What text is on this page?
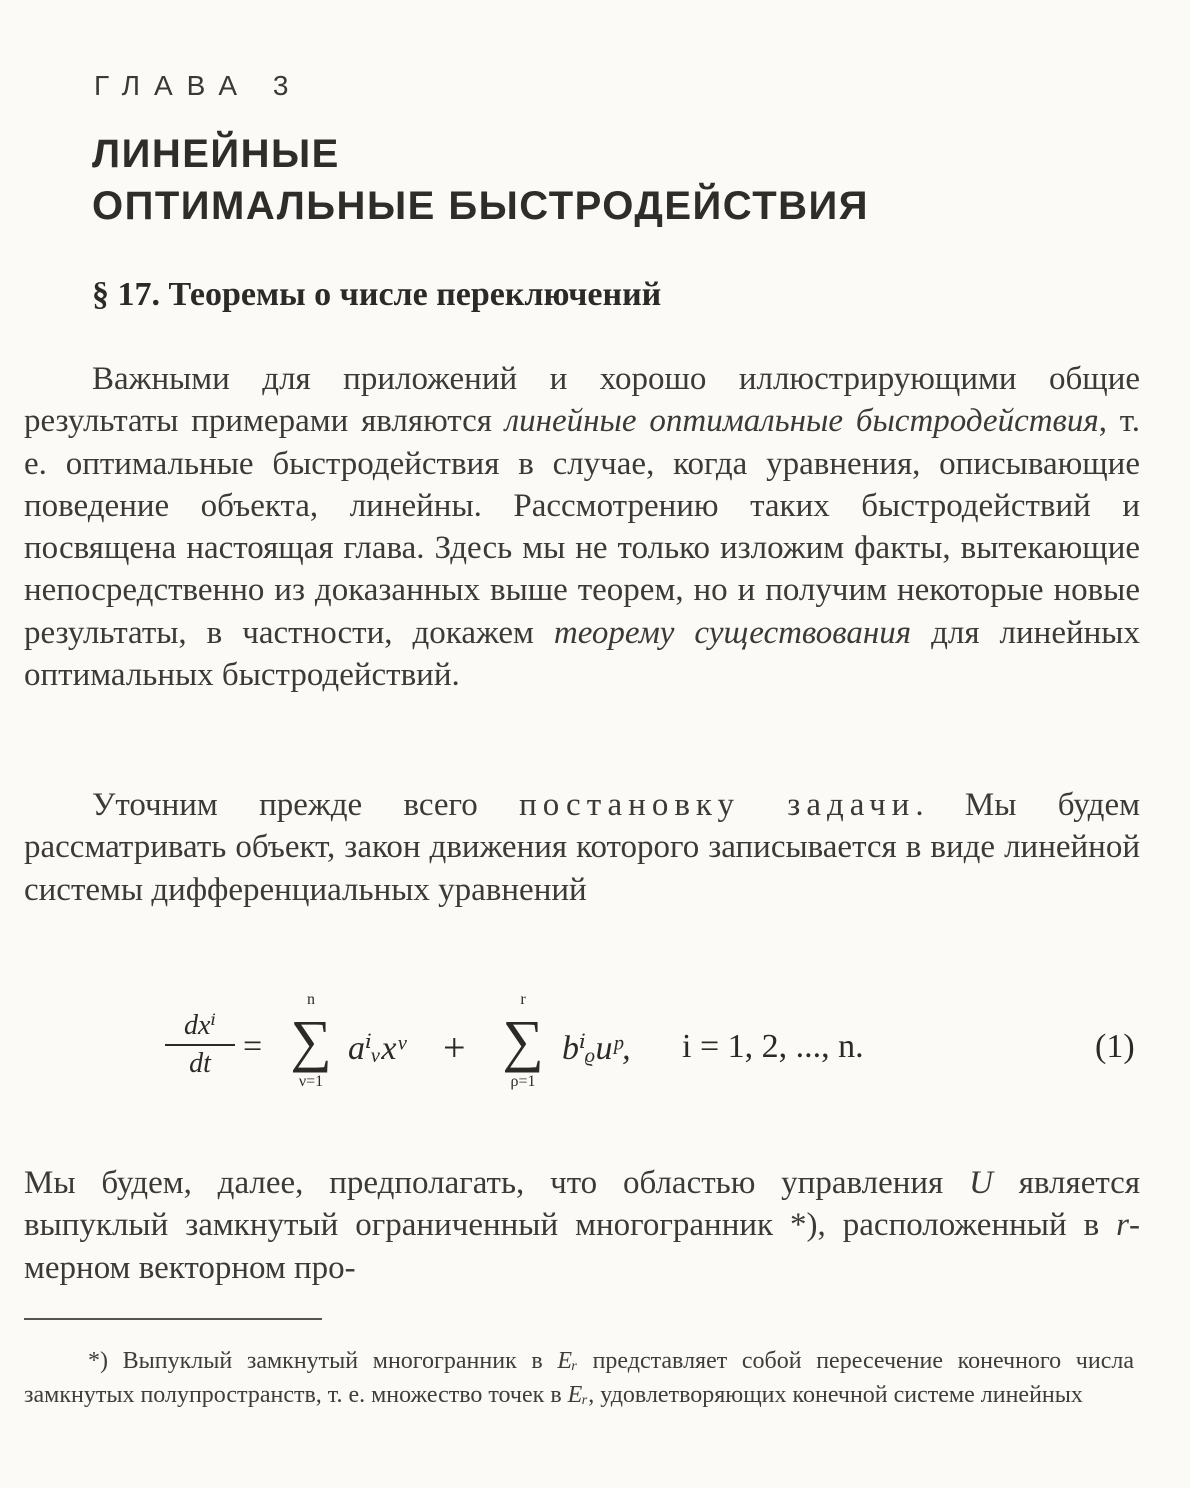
ГЛАВА 3
ЛИНЕЙНЫЕ
ОПТИМАЛЬНЫЕ БЫСТРОДЕЙСТВИЯ
§ 17. Теоремы о числе переключений

Важными для приложений и хорошо иллюстрирующими общие результаты примерами являются линейные оптимальные быстродействия, т. е. оптимальные быстродействия в случае, когда уравнения, описывающие поведение объекта, линейны. Рассмотрению таких быстродействий и посвящена настоящая глава. Здесь мы не только изложим факты, вытекающие непосредственно из доказанных выше теорем, но и получим некоторые новые результаты, в частности, докажем теорему существования для линейных оптимальных быстродействий.

Уточним прежде всего постановку задачи. Мы будем рассматривать объект, закон движения которого записывается в виде линейной системы дифференциальных уравнений

dxⁱ
dt =
n
∑
ν=1
aⁱᵥxᵛ +
r
∑
ρ=1
bⁱᵨuᵖ, i = 1, 2, ..., n.	(1)

Мы будем, далее, предполагать, что областью управления U является выпуклый замкнутый ограниченный многогранник *), расположенный в r-мерном векторном про-

*) Выпуклый замкнутый многогранник в Eᵣ представляет собой пересечение конечного числа замкнутых полупространств, т. е. множество точек в Eᵣ, удовлетворяющих конечной системе линейных
